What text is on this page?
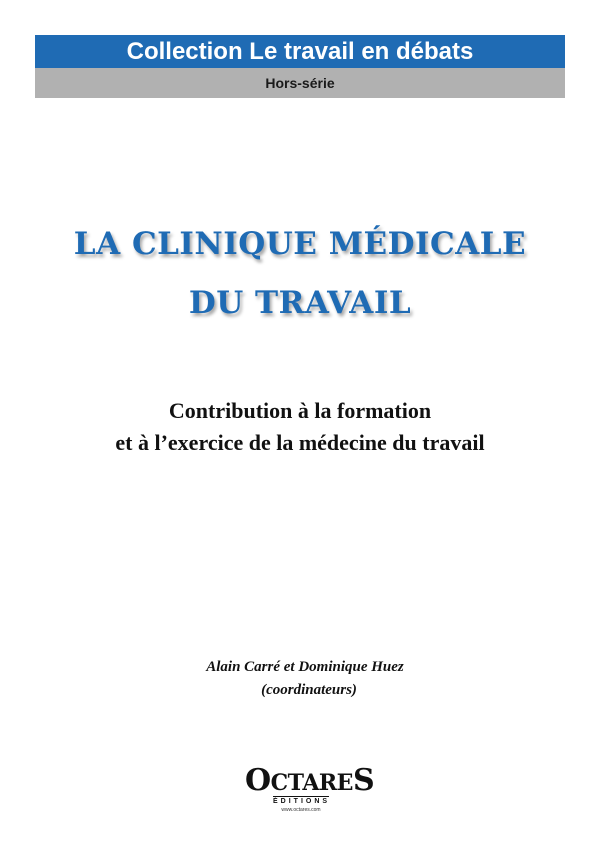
Collection Le travail en débats
Hors-série
LA CLINIQUE MÉDICALE
DU TRAVAIL
Contribution à la formation
et à l’exercice de la médecine du travail
Alain Carré et Dominique Huez
(coordinateurs)
OCTARES
ÉDITIONS
www.octares.com
